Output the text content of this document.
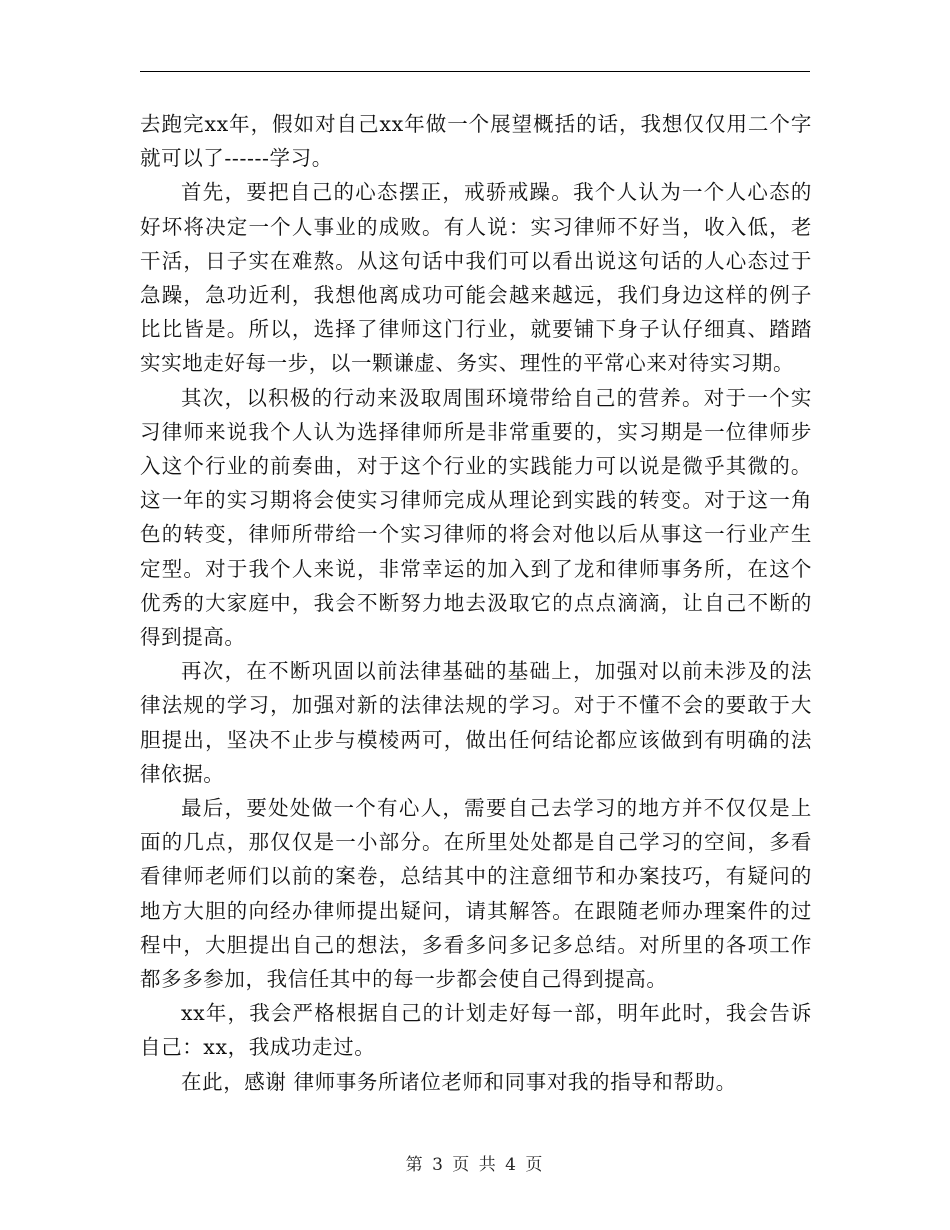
去跑完xx年，假如对自己xx年做一个展望概括的话，我想仅仅用二个字就可以了------学习。

首先，要把自己的心态摆正，戒骄戒躁。我个人认为一个人心态的好坏将决定一个人事业的成败。有人说：实习律师不好当，收入低，老干活，日子实在难熬。从这句话中我们可以看出说这句话的人心态过于急躁，急功近利，我想他离成功可能会越来越远，我们身边这样的例子比比皆是。所以，选择了律师这门行业，就要铺下身子认仔细真、踏踏实实地走好每一步，以一颗谦虚、务实、理性的平常心来对待实习期。

其次，以积极的行动来汲取周围环境带给自己的营养。对于一个实习律师来说我个人认为选择律师所是非常重要的，实习期是一位律师步入这个行业的前奏曲，对于这个行业的实践能力可以说是微乎其微的。这一年的实习期将会使实习律师完成从理论到实践的转变。对于这一角色的转变，律师所带给一个实习律师的将会对他以后从事这一行业产生定型。对于我个人来说，非常幸运的加入到了龙和律师事务所，在这个优秀的大家庭中，我会不断努力地去汲取它的点点滴滴，让自己不断的得到提高。

再次，在不断巩固以前法律基础的基础上，加强对以前未涉及的法律法规的学习，加强对新的法律法规的学习。对于不懂不会的要敢于大胆提出，坚决不止步与模棱两可，做出任何结论都应该做到有明确的法律依据。

最后，要处处做一个有心人，需要自己去学习的地方并不仅仅是上面的几点，那仅仅是一小部分。在所里处处都是自己学习的空间，多看看律师老师们以前的案卷，总结其中的注意细节和办案技巧，有疑问的地方大胆的向经办律师提出疑问，请其解答。在跟随老师办理案件的过程中，大胆提出自己的想法，多看多问多记多总结。对所里的各项工作都多多参加，我信任其中的每一步都会使自己得到提高。

xx年，我会严格根据自己的计划走好每一部，明年此时，我会告诉自己：xx，我成功走过。

在此，感谢 律师事务所诸位老师和同事对我的指导和帮助。

第 3 页 共 4 页
